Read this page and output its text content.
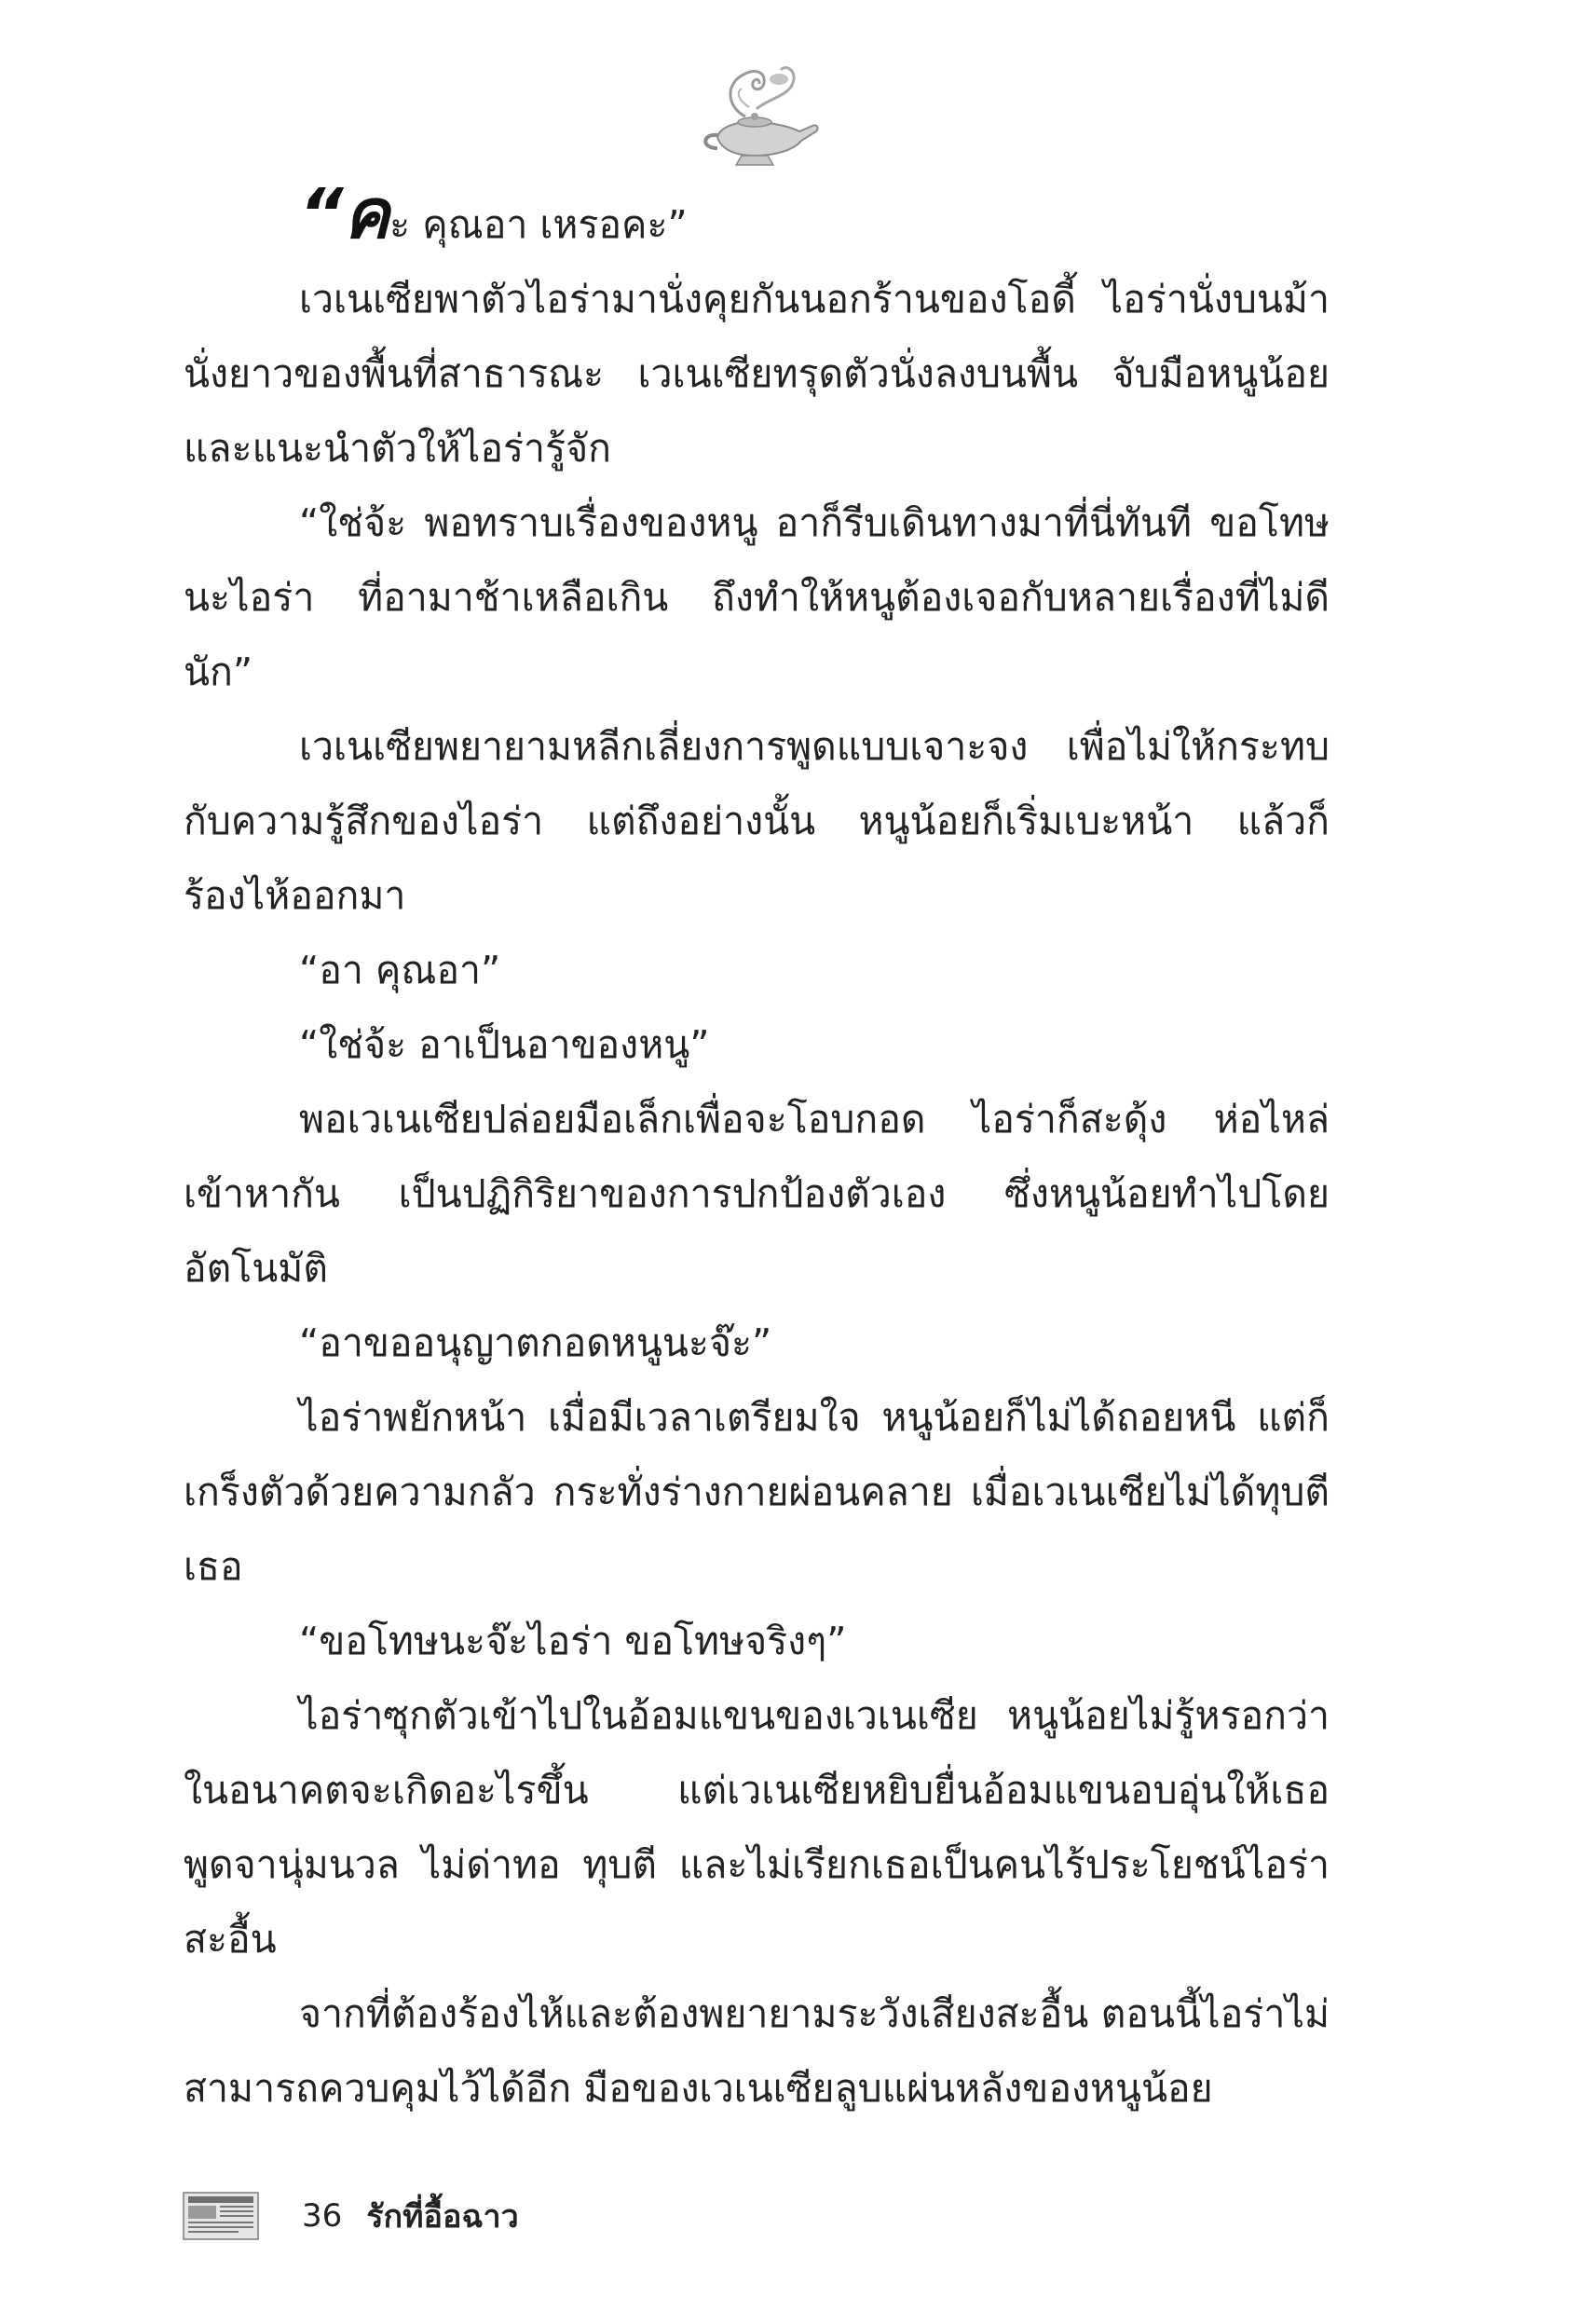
“คะ คุณอา เหรอคะ”

เวเนเซียพาตัวไอร่ามานั่งคุยกันนอกร้านของโอดี้ ไอร่านั่งบนม้านั่งยาวของพื้นที่สาธารณะ เวเนเซียทรุดตัวนั่งลงบนพื้น จับมือหนูน้อยและแนะนำตัวให้ไอร่ารู้จัก

“ใช่จ้ะ พอทราบเรื่องของหนู อาก็รีบเดินทางมาที่นี่ทันที ขอโทษนะไอร่า ที่อามาช้าเหลือเกิน ถึงทำให้หนูต้องเจอกับหลายเรื่องที่ไม่ดีนัก”

เวเนเซียพยายามหลีกเลี่ยงการพูดแบบเจาะจง เพื่อไม่ให้กระทบกับความรู้สึกของไอร่า แต่ถึงอย่างนั้น หนูน้อยก็เริ่มเบะหน้า แล้วก็ร้องไห้ออกมา

“อา คุณอา”

“ใช่จ้ะ อาเป็นอาของหนู”

พอเวเนเซียปล่อยมือเล็กเพื่อจะโอบกอด ไอร่าก็สะดุ้ง ห่อไหล่เข้าหากัน เป็นปฏิกิริยาของการปกป้องตัวเอง ซึ่งหนูน้อยทำไปโดยอัตโนมัติ

“อาขออนุญาตกอดหนูนะจ๊ะ”

ไอร่าพยักหน้า เมื่อมีเวลาเตรียมใจ หนูน้อยก็ไม่ได้ถอยหนี แต่ก็เกร็งตัวด้วยความกลัว กระทั่งร่างกายผ่อนคลาย เมื่อเวเนเซียไม่ได้ทุบตีเธอ

“ขอโทษนะจ๊ะไอร่า ขอโทษจริงๆ”

ไอร่าซุกตัวเข้าไปในอ้อมแขนของเวเนเซีย หนูน้อยไม่รู้หรอกว่าในอนาคตจะเกิดอะไรขึ้น แต่เวเนเซียหยิบยื่นอ้อมแขนอบอุ่นให้เธอพูดจานุ่มนวล ไม่ด่าทอ ทุบตี และไม่เรียกเธอเป็นคนไร้ประโยชน์ไอร่าสะอื้น

จากที่ต้องร้องไห้และต้องพยายามระวังเสียงสะอื้น ตอนนี้ไอร่าไม่สามารถควบคุมไว้ได้อีก มือของเวเนเซียลูบแผ่นหลังของหนูน้อย

36 รักที่อื้อฉาว
